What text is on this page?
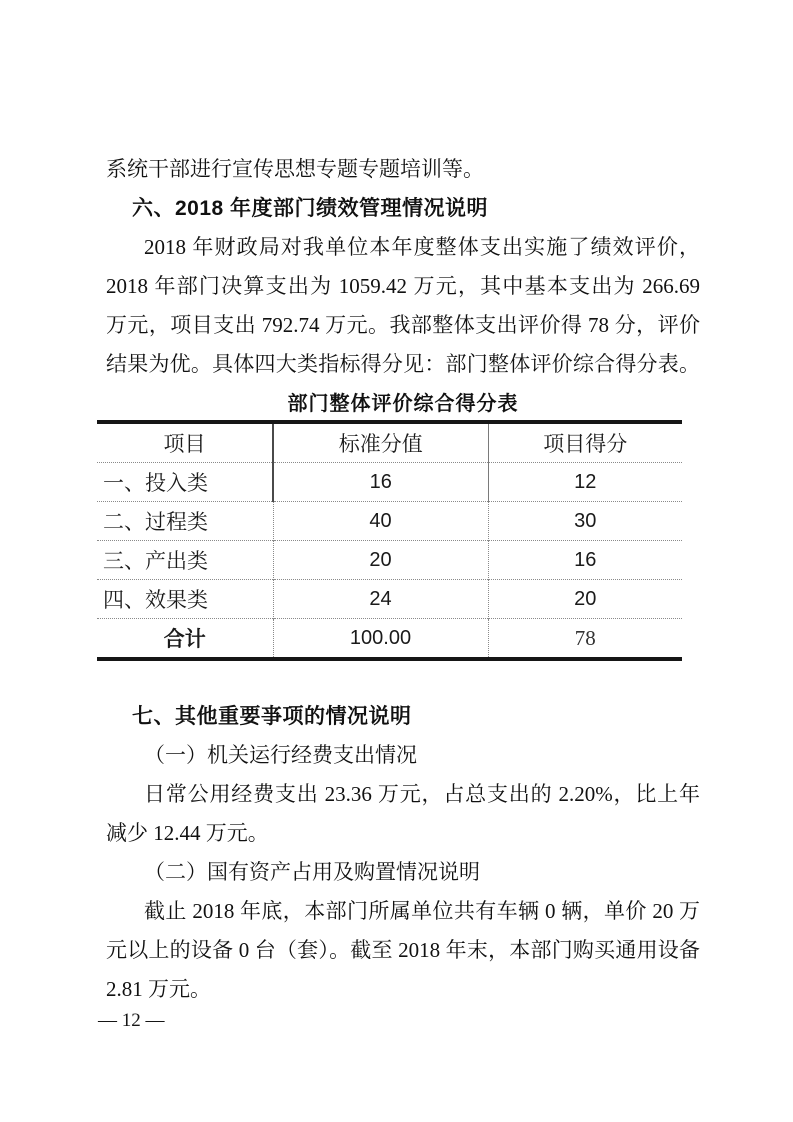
系统干部进行宣传思想专题专题培训等。
六、2018 年度部门绩效管理情况说明
2018 年财政局对我单位本年度整体支出实施了绩效评价，
2018 年部门决算支出为 1059.42 万元，其中基本支出为 266.69
万元，项目支出 792.74 万元。我部整体支出评价得 78 分，评价
结果为优。具体四大类指标得分见：部门整体评价综合得分表。
部门整体评价综合得分表
项目	标准分值	项目得分
一、投入类	16	12
二、过程类	40	30
三、产出类	20	16
四、效果类	24	20
合计	100.00	78
七、其他重要亊项的情况说明
（一）机关运行经费支出情况
日常公用经费支出 23.36 万元，占总支出的 2.20%，比上年
减少 12.44 万元。
（二）国有资产占用及购置情况说明
截止 2018 年底，本部门所属单位共有车辆 0 辆，单价 20 万
元以上的设备 0 台（套）。截至 2018 年末，本部门购买通用设备
2.81 万元。
— 12 —
